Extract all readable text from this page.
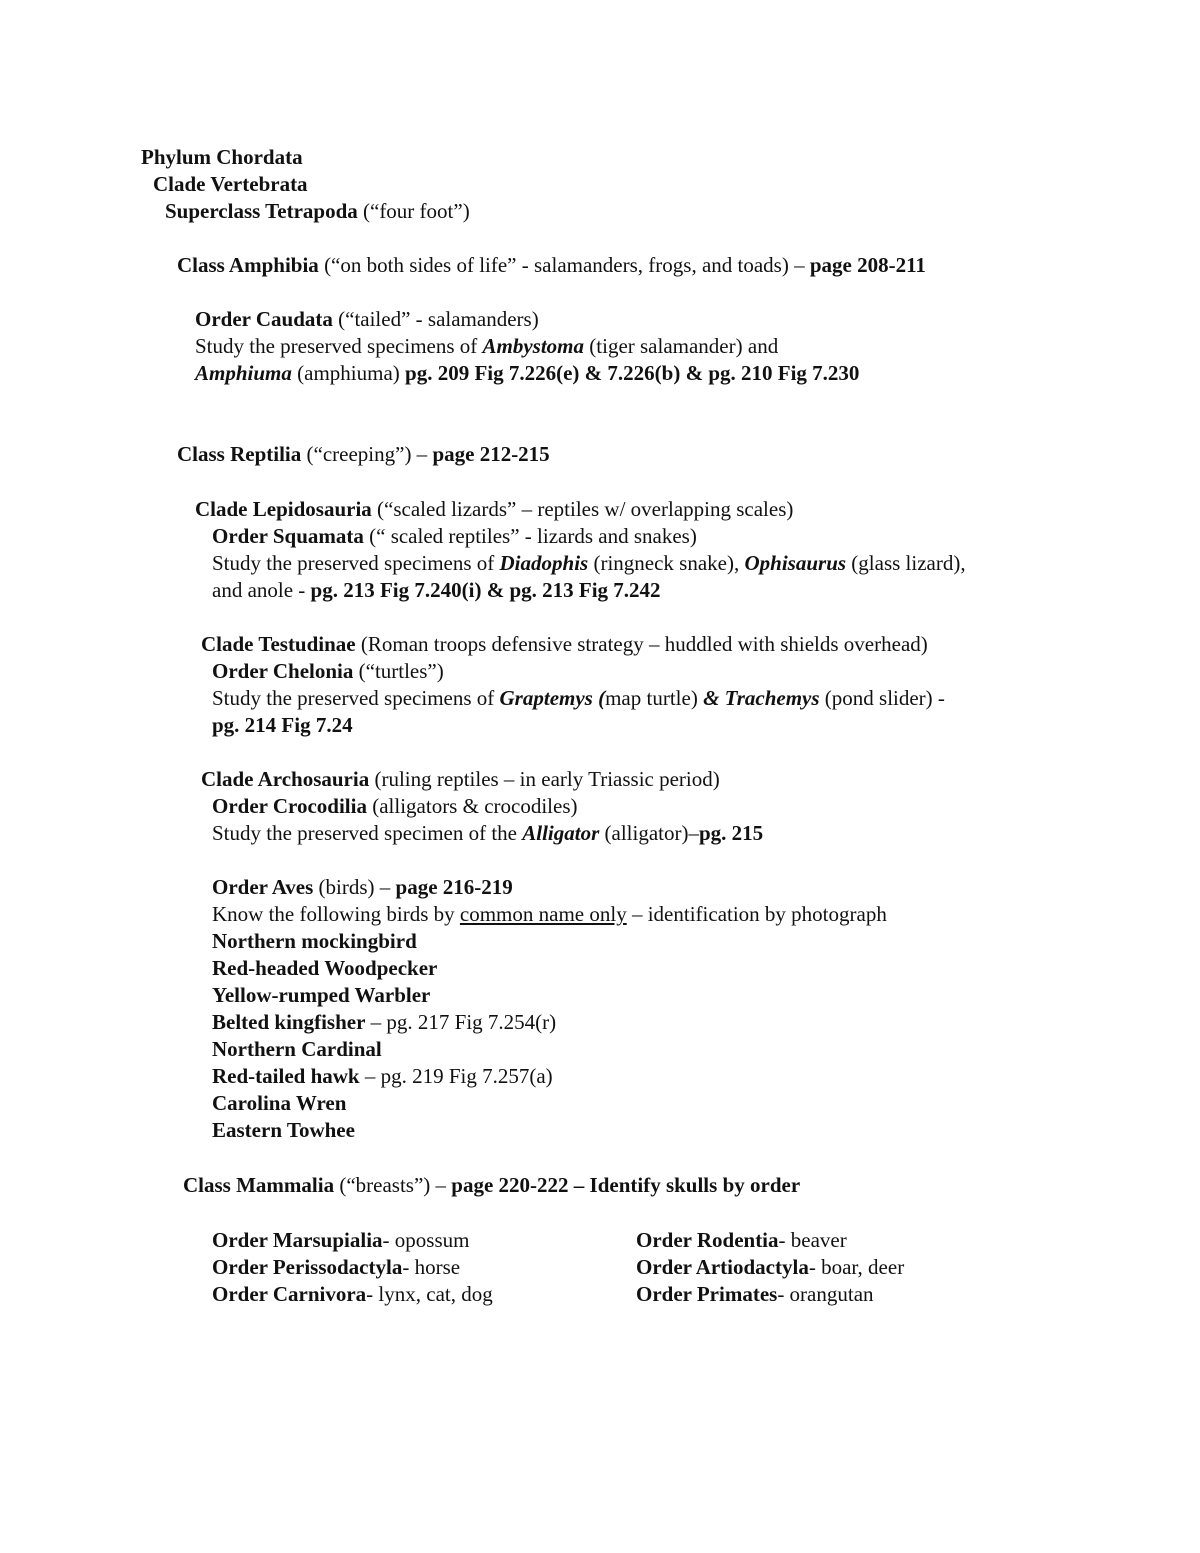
Phylum Chordata
Clade Vertebrata
Superclass Tetrapoda (“four foot”)
Class Amphibia (“on both sides of life” - salamanders, frogs, and toads) – page 208-211
Order Caudata (“tailed” - salamanders)
Study the preserved specimens of Ambystoma (tiger salamander) and
Amphiuma (amphiuma) pg. 209 Fig 7.226(e) & 7.226(b) & pg. 210 Fig 7.230
Class Reptilia (“creeping”) – page 212-215
Clade Lepidosauria (“scaled lizards” – reptiles w/ overlapping scales)
Order Squamata (“ scaled reptiles” - lizards and snakes)
Study the preserved specimens of Diadophis (ringneck snake), Ophisaurus (glass lizard),
and anole - pg. 213 Fig 7.240(i) & pg. 213 Fig 7.242
Clade Testudinae (Roman troops defensive strategy – huddled with shields overhead)
Order Chelonia (“turtles”)
Study the preserved specimens of Graptemys (map turtle) & Trachemys (pond slider) -
pg. 214 Fig 7.24
Clade Archosauria (ruling reptiles – in early Triassic period)
Order Crocodilia (alligators & crocodiles)
Study the preserved specimen of the Alligator (alligator)–pg. 215
Order Aves (birds) – page 216-219
Know the following birds by common name only – identification by photograph
Northern mockingbird
Red-headed Woodpecker
Yellow-rumped Warbler
Belted kingfisher – pg. 217 Fig 7.254(r)
Northern Cardinal
Red-tailed hawk – pg. 219 Fig 7.257(a)
Carolina Wren
Eastern Towhee
Class Mammalia (“breasts”) – page 220-222 – Identify skulls by order
Order Marsupialia- opossum
Order Perissodactyla- horse
Order Carnivora- lynx, cat, dog
Order Rodentia- beaver
Order Artiodactyla- boar, deer
Order Primates- orangutan
